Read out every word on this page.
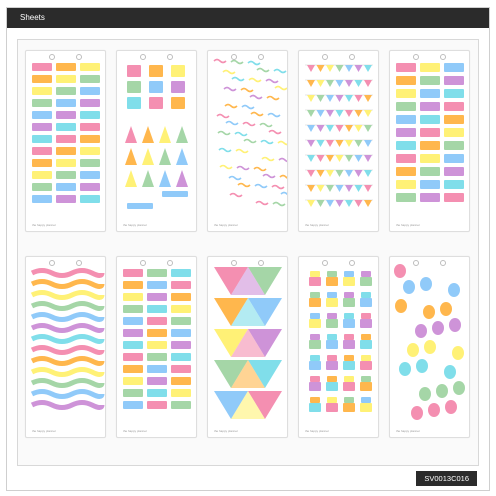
Sheets
the happy planner	the happy planner	the happy planner	the happy planner	the happy planner
the happy planner	the happy planner	the happy planner	the happy planner	the happy planner
SV0013C016
